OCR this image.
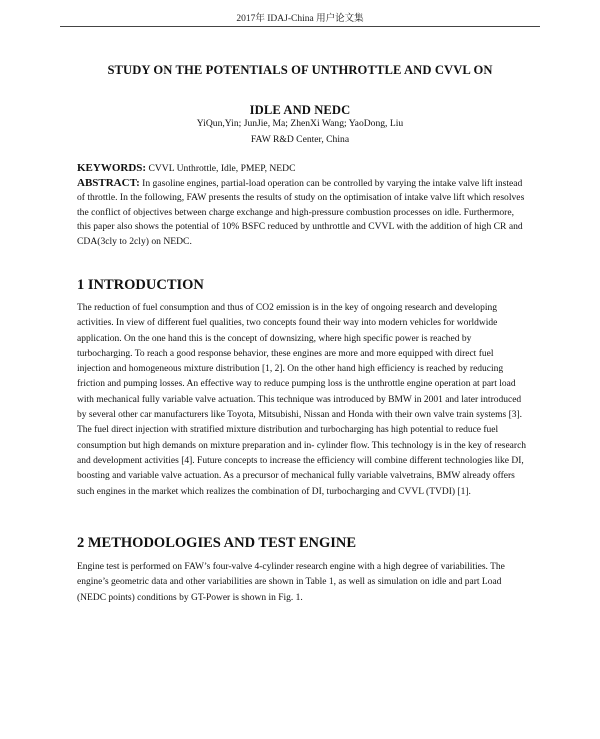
2017年 IDAJ-China 用户论文集
STUDY ON THE POTENTIALS OF UNTHROTTLE AND CVVL ON
IDLE AND NEDC
YiQun,Yin; JunJie, Ma; ZhenXi Wang; YaoDong, Liu
FAW R&D Center, China
KEYWORDS: CVVL Unthrottle, Idle, PMEP, NEDC

ABSTRACT: In gasoline engines, partial-load operation can be controlled by varying the intake valve lift instead of throttle. In the following, FAW presents the results of study on the optimisation of intake valve lift which resolves the conflict of objectives between charge exchange and high-pressure combustion processes on idle. Furthermore, this paper also shows the potential of 10% BSFC reduced by unthrottle and CVVL with the addition of high CR and CDA(3cly to 2cly) on NEDC.

1 INTRODUCTION

The reduction of fuel consumption and thus of CO2 emission is in the key of ongoing research and developing activities. In view of different fuel qualities, two concepts found their way into modern vehicles for worldwide application. On the one hand this is the concept of downsizing, where high specific power is reached by turbocharging. To reach a good response behavior, these engines are more and more equipped with direct fuel injection and homogeneous mixture distribution [1, 2]. On the other hand high efficiency is reached by reducing friction and pumping losses. An effective way to reduce pumping loss is the unthrottle engine operation at part load with mechanical fully variable valve actuation. This technique was introduced by BMW in 2001 and later introduced by several other car manufacturers like Toyota, Mitsubishi, Nissan and Honda with their own valve train systems [3]. The fuel direct injection with stratified mixture distribution and turbocharging has high potential to reduce fuel consumption but high demands on mixture preparation and in- cylinder flow. This technology is in the key of research and development activities [4]. Future concepts to increase the efficiency will combine different technologies like DI, boosting and variable valve actuation. As a precursor of mechanical fully variable valvetrains, BMW already offers such engines in the market which realizes the combination of DI, turbocharging and CVVL (TVDI) [1].

2 METHODOLOGIES AND TEST ENGINE

Engine test is performed on FAW’s four-valve 4-cylinder research engine with a high degree of variabilities. The engine’s geometric data and other variabilities are shown in Table 1, as well as simulation on idle and part Load (NEDC points) conditions by GT-Power is shown in Fig. 1.
